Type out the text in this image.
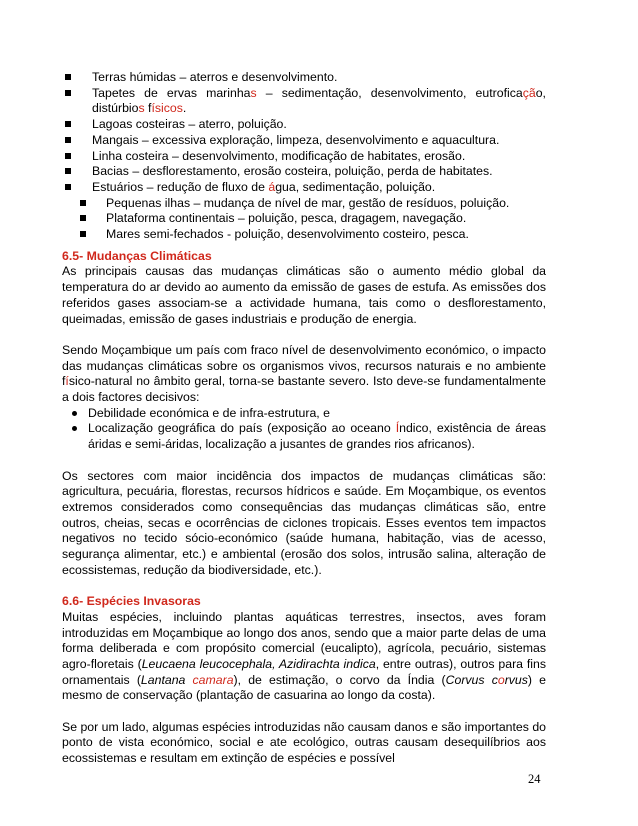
Terras húmidas – aterros e desenvolvimento.
Tapetes de ervas marinhas – sedimentação, desenvolvimento, eutroficação, distúrbios físicos.
Lagoas costeiras – aterro, poluição.
Mangais – excessiva exploração, limpeza, desenvolvimento e aquacultura.
Linha costeira – desenvolvimento, modificação de habitates, erosão.
Bacias – desflorestamento, erosão costeira, poluição, perda de habitates.
Estuários – redução de fluxo de água, sedimentação, poluição.
Pequenas ilhas – mudança de nível de mar, gestão de resíduos, poluição.
Plataforma continentais – poluição, pesca, dragagem, navegação.
Mares semi-fechados - poluição, desenvolvimento costeiro, pesca.
6.5- Mudanças Climáticas

As principais causas das mudanças climáticas são o aumento médio global da temperatura do ar devido ao aumento da emissão de gases de estufa. As emissões dos referidos gases associam-se a actividade humana, tais como o desflorestamento, queimadas, emissão de gases industriais e produção de energia.

Sendo Moçambique um país com fraco nível de desenvolvimento económico, o impacto das mudanças climáticas sobre os organismos vivos, recursos naturais e no ambiente físico-natural no âmbito geral, torna-se bastante severo. Isto deve-se fundamentalmente a dois factores decisivos:

Debilidade económica e de infra-estrutura, e
Localização geográfica do país (exposição ao oceano Índico, existência de áreas áridas e semi-áridas, localização a jusantes de grandes rios africanos).

Os sectores com maior incidência dos impactos de mudanças climáticas são: agricultura, pecuária, florestas, recursos hídricos e saúde. Em Moçambique, os eventos extremos considerados como consequências das mudanças climáticas são, entre outros, cheias, secas e ocorrências de ciclones tropicais. Esses eventos tem impactos negativos no tecido sócio-económico (saúde humana, habitação, vias de acesso, segurança alimentar, etc.) e ambiental (erosão dos solos, intrusão salina, alteração de ecossistemas, redução da biodiversidade, etc.).

6.6- Espécies Invasoras

Muitas espécies, incluindo plantas aquáticas terrestres, insectos, aves foram introduzidas em Moçambique ao longo dos anos, sendo que a maior parte delas de uma forma deliberada e com propósito comercial (eucalipto), agrícola, pecuário, sistemas agro-floretais (Leucaena leucocephala, Azidirachta indica, entre outras), outros para fins ornamentais (Lantana camara), de estimação, o corvo da Índia (Corvus corvus) e mesmo de conservação (plantação de casuarina ao longo da costa).

Se por um lado, algumas espécies introduzidas não causam danos e são importantes do ponto de vista económico, social e ate ecológico, outras causam desequilíbrios aos ecossistemas e resultam em extinção de espécies e possível

24
